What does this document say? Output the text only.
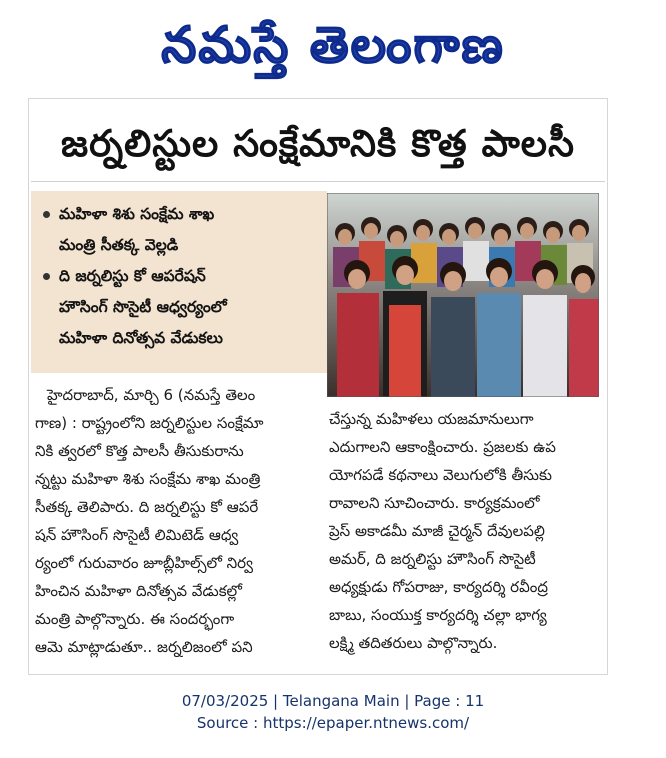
నమస్తే తెలంగాణ
జర్నలిస్టుల సంక్షేమానికి కొత్త పాలసీ
మహిళా శిశు సంక్షేమ శాఖ
మంత్రి సీతక్క వెల్లడి
ది జర్నలిస్టు కో ఆపరేషన్
హౌసింగ్ సొసైటీ ఆధ్వర్యంలో
మహిళా దినోత్సవ వేడుకలు
హైదరాబాద్, మార్చి 6 (నమస్తే తెలం
గాణ) : రాష్ట్రంలోని జర్నలిస్టుల సంక్షేమా
నికి త్వరలో కొత్త పాలసీ తీసుకురాను
న్నట్టు మహిళా శిశు సంక్షేమ శాఖ మంత్రి
సీతక్క తెలిపారు. ది జర్నలిస్టు కో ఆపరే
షన్ హౌసింగ్ సొసైటీ లిమిటెడ్ ఆధ్వ
ర్యంలో గురువారం జూబ్లీహిల్స్‌లో నిర్వ
హించిన మహిళా దినోత్సవ వేడుకల్లో
మంత్రి పాల్గొన్నారు. ఈ సందర్భంగా
ఆమె మాట్లాడుతూ.. జర్నలిజంలో పని
చేస్తున్న మహిళలు యజమానులుగా
ఎదుగాలని ఆకాంక్షించారు. ప్రజలకు ఉప
యోగపడే కథనాలు వెలుగులోకి తీసుకు
రావాలని సూచించారు. కార్యక్రమంలో
ప్రెస్ అకాడమీ మాజీ చైర్మన్ దేవులపల్లి
అమర్, ది జర్నలిస్టు హౌసింగ్ సొసైటీ
అధ్యక్షుడు గోపరాజు, కార్యదర్శి రవీంద్ర
బాబు, సంయుక్త కార్యదర్శి చల్లా భాగ్య
లక్ష్మి తదితరులు పాల్గొన్నారు.
07/03/2025 | Telangana Main | Page : 11
Source : https://epaper.ntnews.com/
